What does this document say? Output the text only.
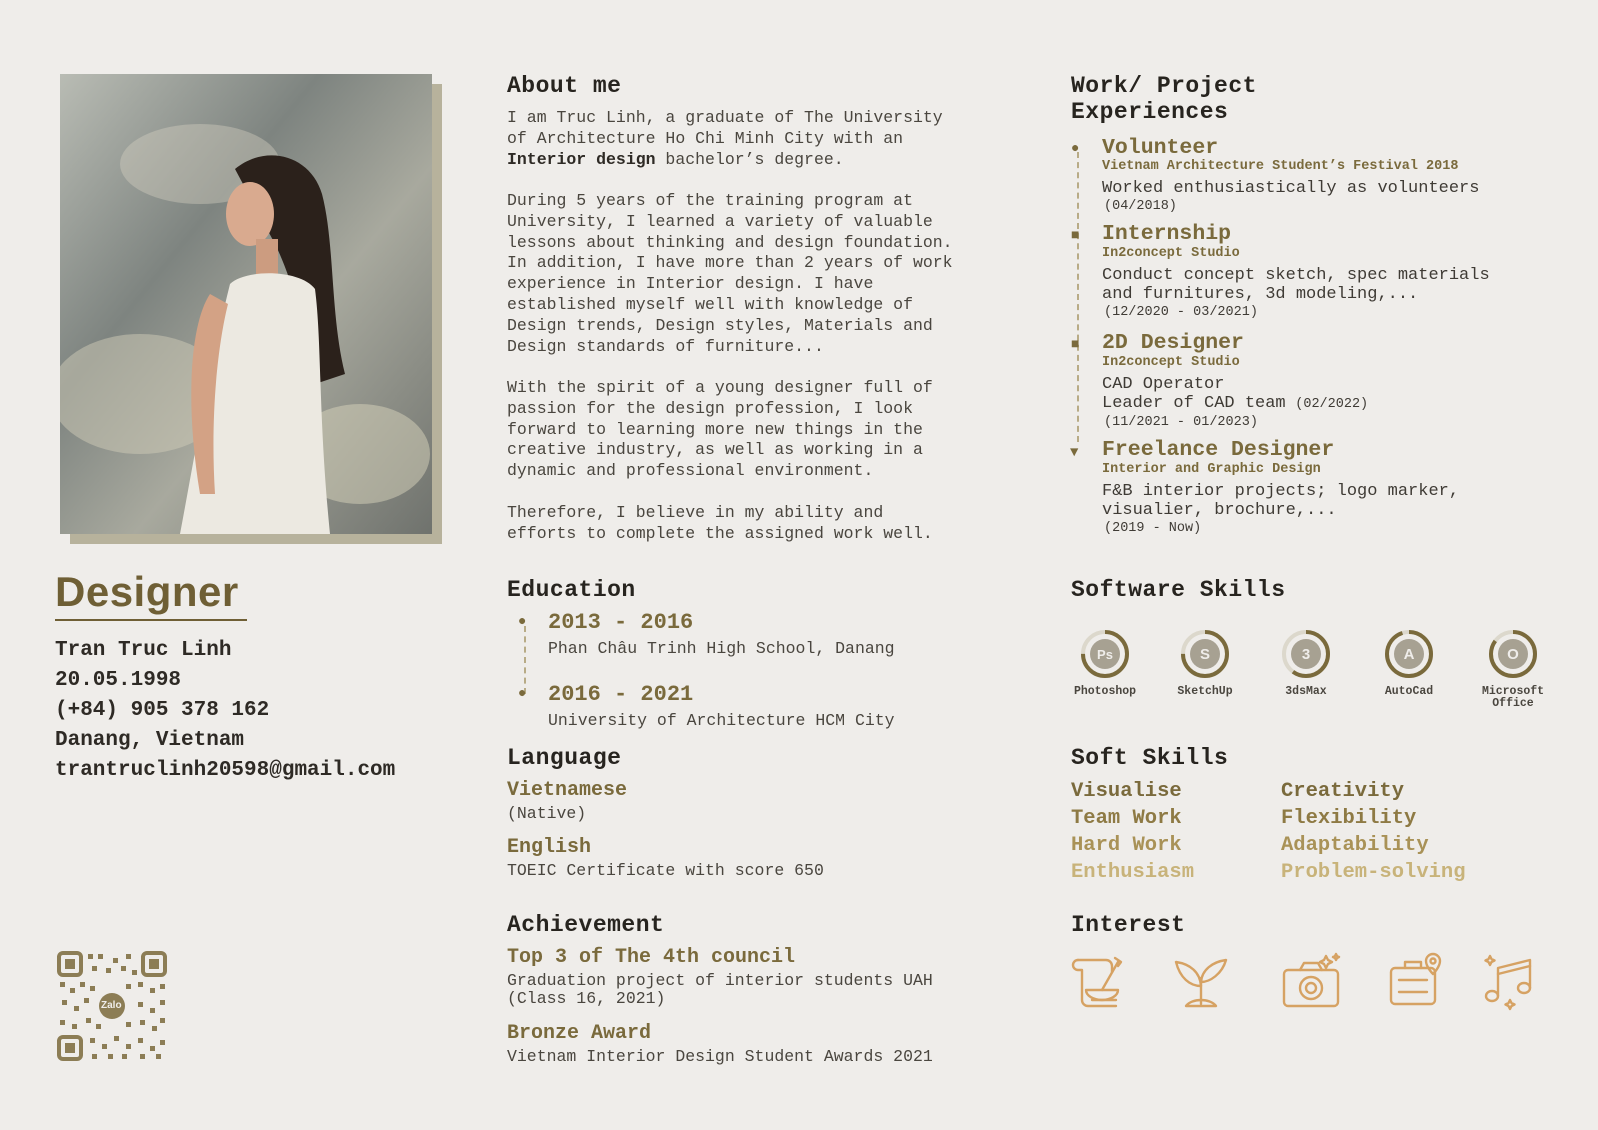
Designer
Tran Truc Linh
20.05.1998
(+84) 905 378 162
Danang, Vietnam
trantruclinh20598@gmail.com
Zalo
About me
I am Truc Linh, a graduate of The University
of Architecture Ho Chi Minh City with an
Interior design bachelor’s degree.
During 5 years of the training program at
University, I learned a variety of valuable
lessons about thinking and design foundation.
In addition, I have more than 2 years of work
experience in Interior design. I have
established myself well with knowledge of
Design trends, Design styles, Materials and
Design standards of furniture...
With the spirit of a young designer full of
passion for the design profession, I look
forward to learning more new things in the
creative industry, as well as working in a
dynamic and professional environment.
Therefore, I believe in my ability and
efforts to complete the assigned work well.
Education
●
●
2013 - 2016
Phan Châu Trinh High School, Danang
2016 - 2021
University of Architecture HCM City
Language
Vietnamese
(Native)
English
TOEIC Certificate with score 650
Achievement
Top 3 of The 4th council
Graduation project of interior students UAH
(Class 16, 2021)
Bronze Award
Vietnam Interior Design Student Awards 2021
Work/ Project
Experiences
●
■
■
▼
Volunteer
Vietnam Architecture Student’s Festival 2018
Worked enthusiastically as volunteers
(04/2018)
Internship
In2concept Studio
Conduct concept sketch, spec materials
and furnitures, 3d modeling,...
(12/2020 - 03/2021)
2D Designer
In2concept Studio
CAD Operator
Leader of CAD team (02/2022)
(11/2021 - 01/2023)
Freelance Designer
Interior and Graphic Design
F&B interior projects; logo marker,
visualier, brochure,...
(2019 - Now)
Software Skills
Ps
Photoshop
S
SketchUp
3
3dsMax
A
AutoCad
O
Microsoft
Office
Soft Skills
Visualise
Team Work
Hard Work
Enthusiasm
Creativity
Flexibility
Adaptability
Problem-solving
Interest
